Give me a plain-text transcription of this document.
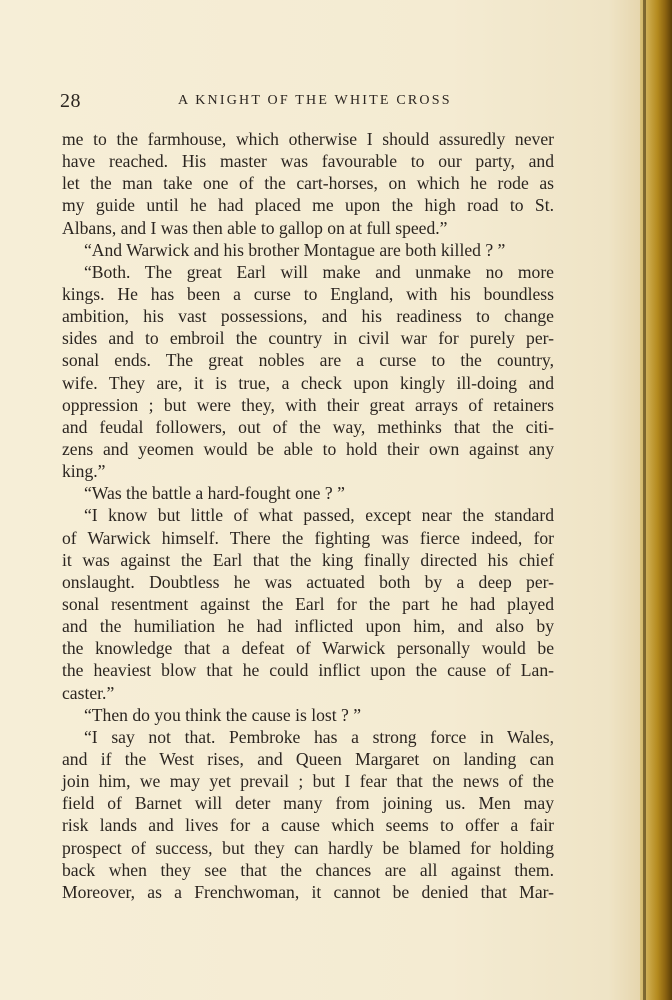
28	A KNIGHT OF THE WHITE CROSS
me to the farmhouse, which otherwise I should assuredly never
have reached. His master was favourable to our party, and
let the man take one of the cart-horses, on which he rode as
my guide until he had placed me upon the high road to St.
Albans, and I was then able to gallop on at full speed.”
“And Warwick and his brother Montague are both killed ? ”
“Both. The great Earl will make and unmake no more
kings. He has been a curse to England, with his boundless
ambition, his vast possessions, and his readiness to change
sides and to embroil the country in civil war for purely per-
sonal ends. The great nobles are a curse to the country,
wife. They are, it is true, a check upon kingly ill-doing and
oppression ; but were they, with their great arrays of retainers
and feudal followers, out of the way, methinks that the citi-
zens and yeomen would be able to hold their own against any
king.”
“Was the battle a hard-fought one ? ”
“I know but little of what passed, except near the standard
of Warwick himself. There the fighting was fierce indeed, for
it was against the Earl that the king finally directed his chief
onslaught. Doubtless he was actuated both by a deep per-
sonal resentment against the Earl for the part he had played
and the humiliation he had inflicted upon him, and also by
the knowledge that a defeat of Warwick personally would be
the heaviest blow that he could inflict upon the cause of Lan-
caster.”
“Then do you think the cause is lost ? ”
“I say not that. Pembroke has a strong force in Wales,
and if the West rises, and Queen Margaret on landing can
join him, we may yet prevail ; but I fear that the news of the
field of Barnet will deter many from joining us. Men may
risk lands and lives for a cause which seems to offer a fair
prospect of success, but they can hardly be blamed for holding
back when they see that the chances are all against them.
Moreover, as a Frenchwoman, it cannot be denied that Mar-
